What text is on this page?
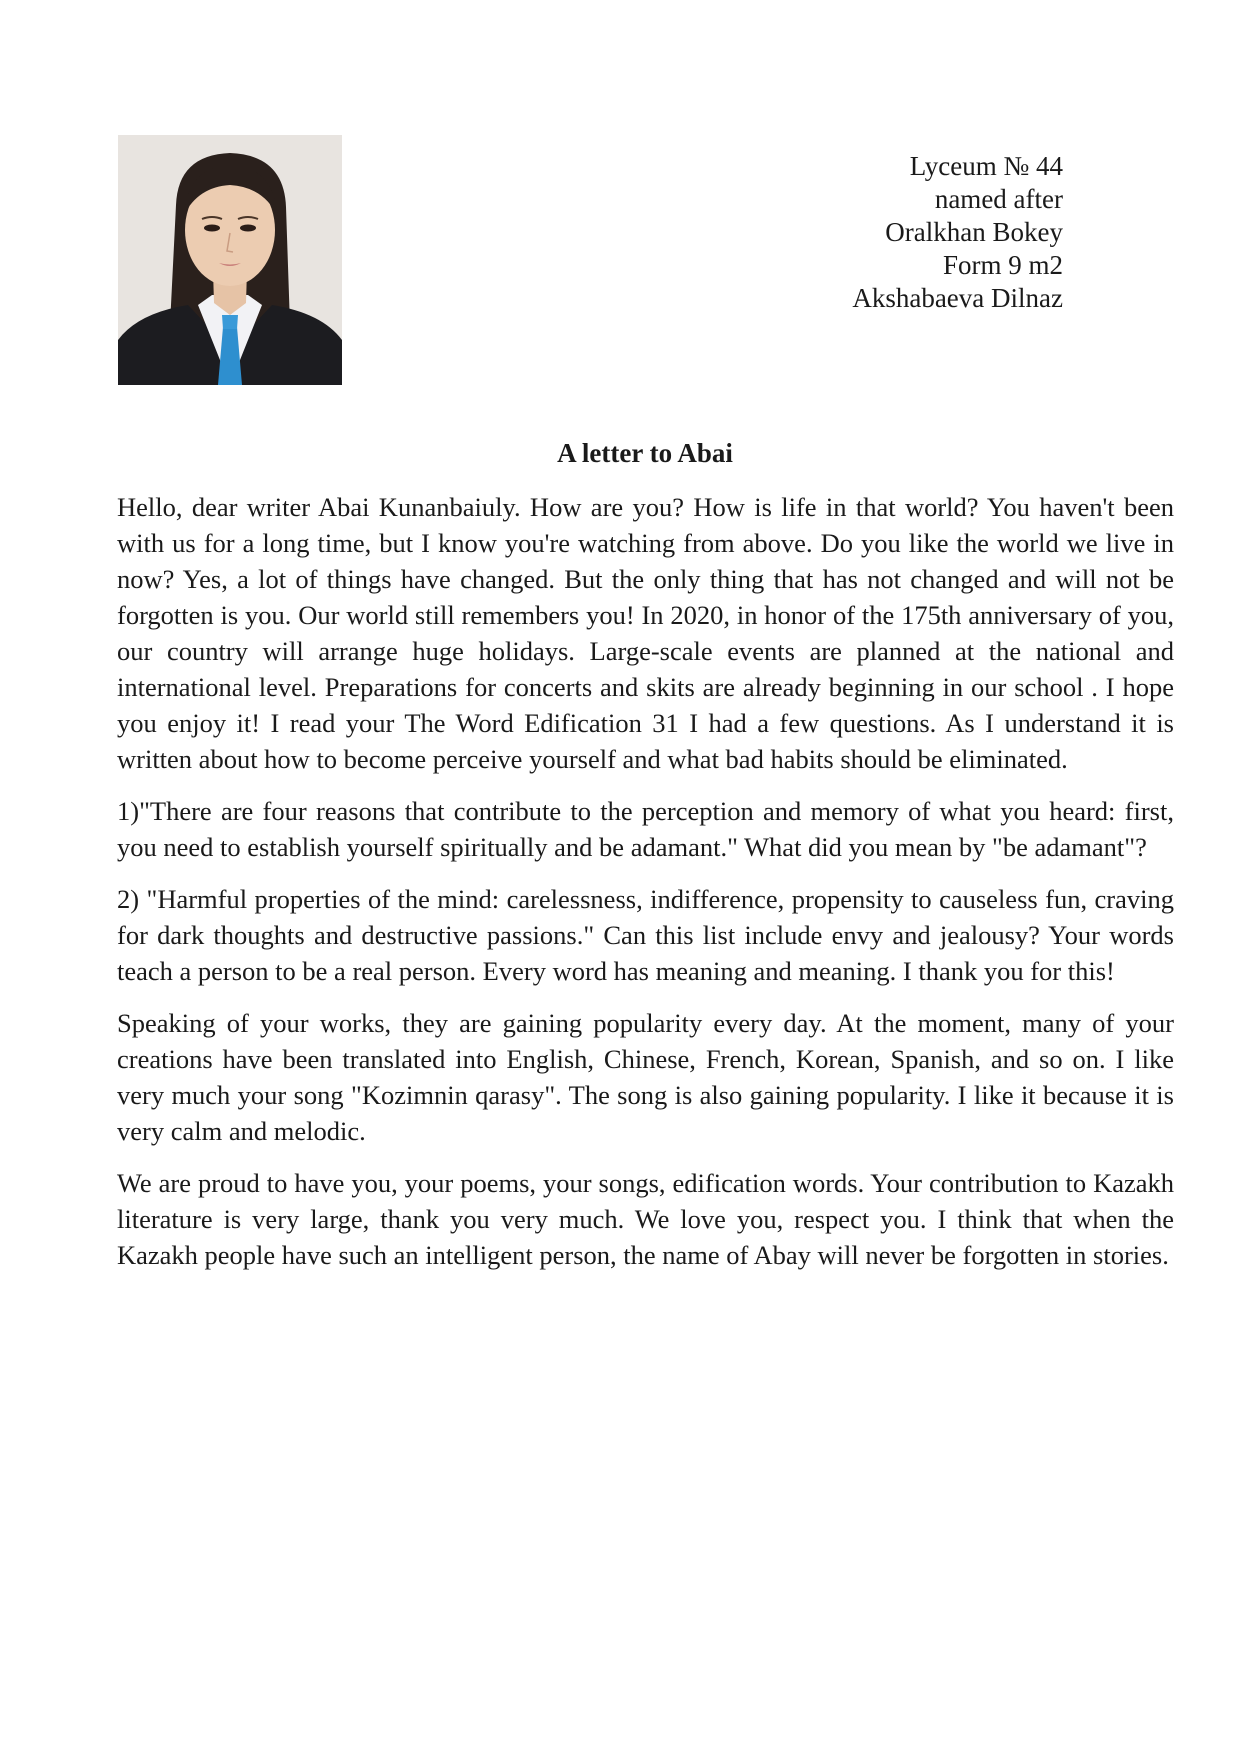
Lyceum № 44
named after
Oralkhan Bokey
Form 9 m2
Akshabaeva Dilnaz
A letter to Abai

Hello, dear writer Abai Kunanbaiuly. How are you? How is life in that world? You haven't been with us for a long time, but I know you're watching from above. Do you like the world we live in now? Yes, a lot of things have changed. But the only thing that has not changed and will not be forgotten is you. Our world still remembers you! In 2020, in honor of the 175th anniversary of you, our country will arrange huge holidays. Large-scale events are planned at the national and international level. Preparations for concerts and skits are already beginning in our school . I hope you enjoy it! I read your The Word Edification 31 I had a few questions. As I understand it is written about how to become perceive yourself and what bad habits should be eliminated.

1)"There are four reasons that contribute to the perception and memory of what you heard: first, you need to establish yourself spiritually and be adamant." What did you mean by "be adamant"?

2) "Harmful properties of the mind: carelessness, indifference, propensity to causeless fun, craving for dark thoughts and destructive passions." Can this list include envy and jealousy? Your words teach a person to be a real person. Every word has meaning and meaning. I thank you for this!

Speaking of your works, they are gaining popularity every day. At the moment, many of your creations have been translated into English, Chinese, French, Korean, Spanish, and so on. I like very much your song "Kozimnin qarasy". The song is also gaining popularity. I like it because it is very calm and melodic.

We are proud to have you, your poems, your songs, edification words. Your contribution to Kazakh literature is very large, thank you very much. We love you, respect you. I think that when the Kazakh people have such an intelligent person, the name of Abay will never be forgotten in stories.
